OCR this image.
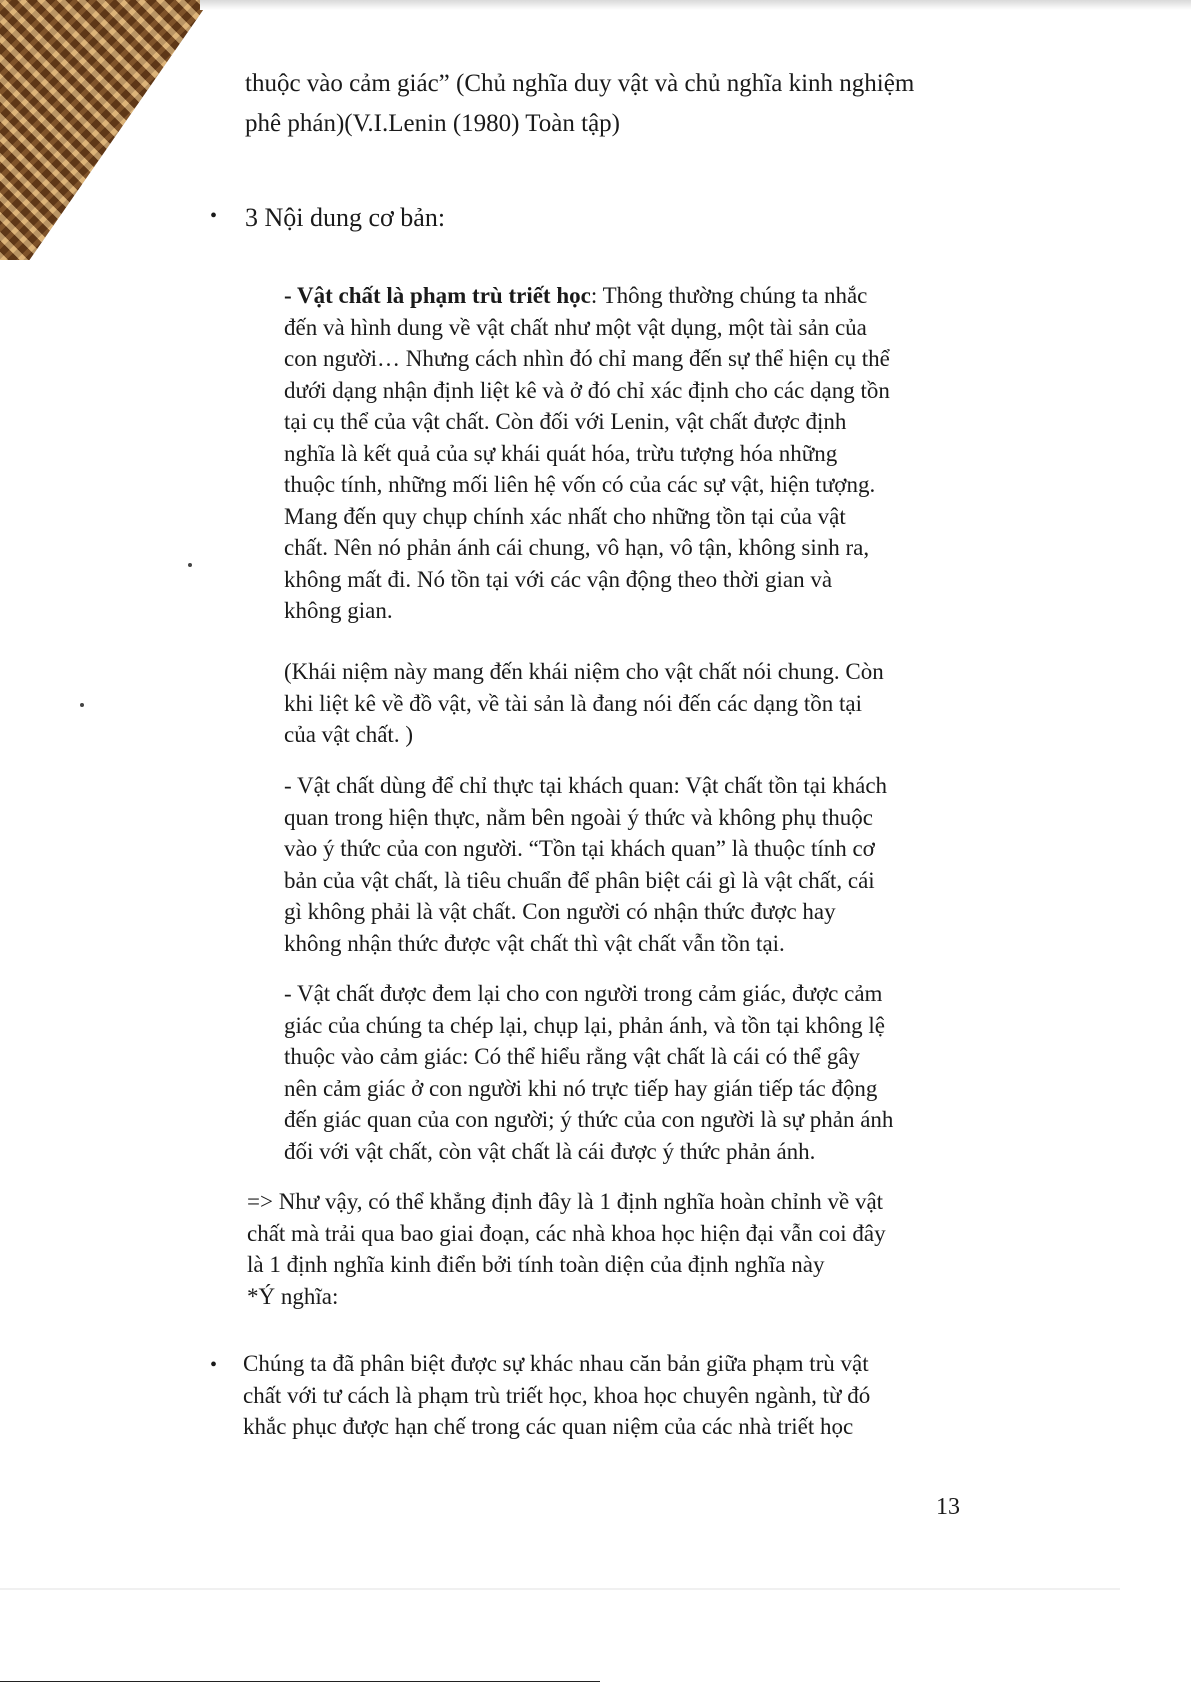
thuộc vào cảm giác” (Chủ nghĩa duy vật và chủ nghĩa kinh nghiệm
phê phán)(V.I.Lenin (1980) Toàn tập)
• 3 Nội dung cơ bản:
- Vật chất là phạm trù triết học: Thông thường chúng ta nhắc
đến và hình dung về vật chất như một vật dụng, một tài sản của
con người… Nhưng cách nhìn đó chỉ mang đến sự thể hiện cụ thể
dưới dạng nhận định liệt kê và ở đó chỉ xác định cho các dạng tồn
tại cụ thể của vật chất. Còn đối với Lenin, vật chất được định
nghĩa là kết quả của sự khái quát hóa, trừu tượng hóa những
thuộc tính, những mối liên hệ vốn có của các sự vật, hiện tượng.
Mang đến quy chụp chính xác nhất cho những tồn tại của vật
chất. Nên nó phản ánh cái chung, vô hạn, vô tận, không sinh ra,
không mất đi. Nó tồn tại với các vận động theo thời gian và
không gian.
(Khái niệm này mang đến khái niệm cho vật chất nói chung. Còn
khi liệt kê về đồ vật, về tài sản là đang nói đến các dạng tồn tại
của vật chất. )
- Vật chất dùng để chỉ thực tại khách quan: Vật chất tồn tại khách
quan trong hiện thực, nằm bên ngoài ý thức và không phụ thuộc
vào ý thức của con người. “Tồn tại khách quan” là thuộc tính cơ
bản của vật chất, là tiêu chuẩn để phân biệt cái gì là vật chất, cái
gì không phải là vật chất. Con người có nhận thức được hay
không nhận thức được vật chất thì vật chất vẫn tồn tại.
- Vật chất được đem lại cho con người trong cảm giác, được cảm
giác của chúng ta chép lại, chụp lại, phản ánh, và tồn tại không lệ
thuộc vào cảm giác: Có thể hiểu rằng vật chất là cái có thể gây
nên cảm giác ở con người khi nó trực tiếp hay gián tiếp tác động
đến giác quan của con người; ý thức của con người là sự phản ánh
đối với vật chất, còn vật chất là cái được ý thức phản ánh.
=> Như vậy, có thể khẳng định đây là 1 định nghĩa hoàn chỉnh về vật
chất mà trải qua bao giai đoạn, các nhà khoa học hiện đại vẫn coi đây
là 1 định nghĩa kinh điển bởi tính toàn diện của định nghĩa này
*Ý nghĩa:
• Chúng ta đã phân biệt được sự khác nhau căn bản giữa phạm trù vật
chất với tư cách là phạm trù triết học, khoa học chuyên ngành, từ đó
khắc phục được hạn chế trong các quan niệm của các nhà triết học
13
